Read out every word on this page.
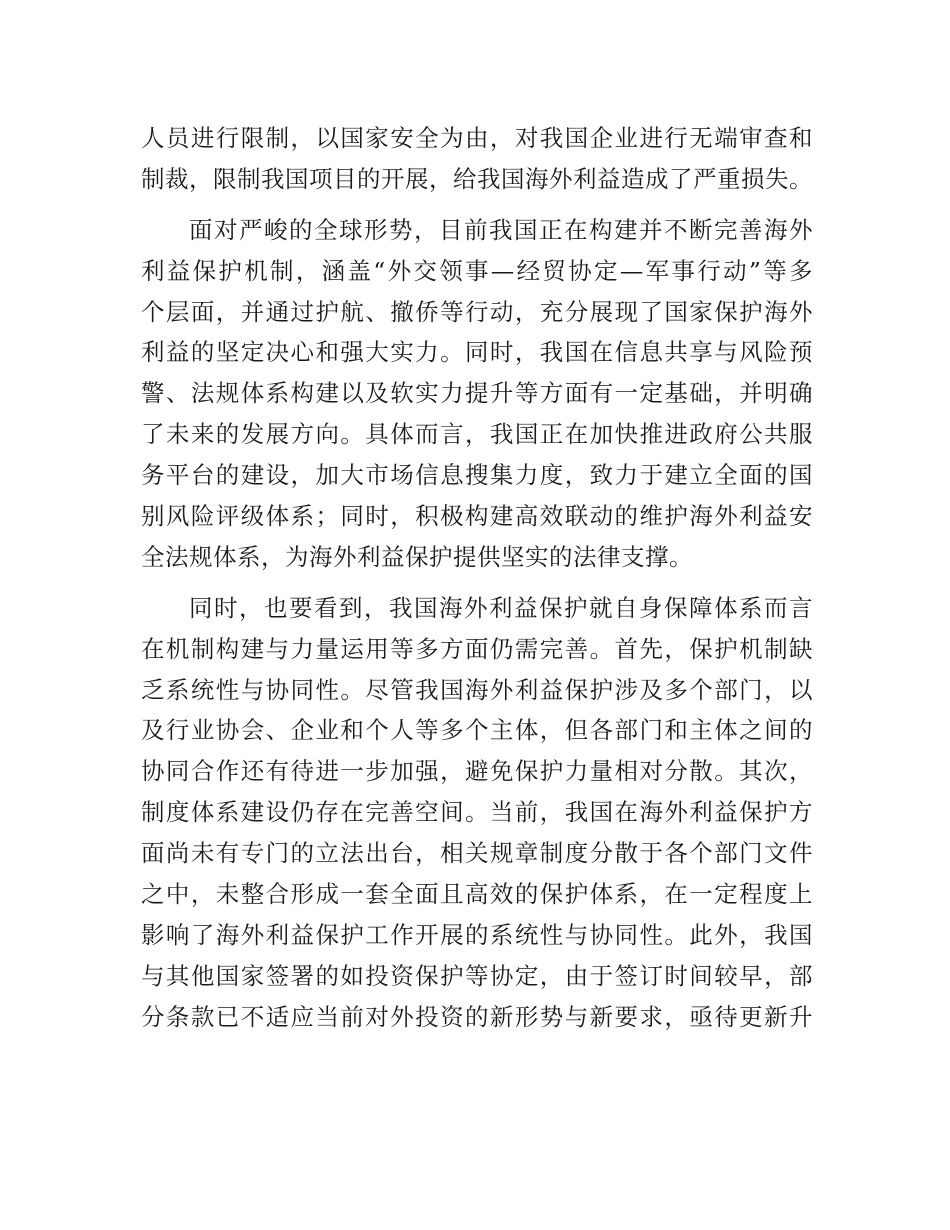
人员进行限制，以国家安全为由，对我国企业进行无端审查和
制裁，限制我国项目的开展，给我国海外利益造成了严重损失。
面对严峻的全球形势，目前我国正在构建并不断完善海外
利益保护机制，涵盖“外交领事—经贸协定—军事行动”等多
个层面，并通过护航、撤侨等行动，充分展现了国家保护海外
利益的坚定决心和强大实力。同时，我国在信息共享与风险预
警、法规体系构建以及软实力提升等方面有一定基础，并明确
了未来的发展方向。具体而言，我国正在加快推进政府公共服
务平台的建设，加大市场信息搜集力度，致力于建立全面的国
别风险评级体系；同时，积极构建高效联动的维护海外利益安
全法规体系，为海外利益保护提供坚实的法律支撑。
同时，也要看到，我国海外利益保护就自身保障体系而言
在机制构建与力量运用等多方面仍需完善。首先，保护机制缺
乏系统性与协同性。尽管我国海外利益保护涉及多个部门，以
及行业协会、企业和个人等多个主体，但各部门和主体之间的
协同合作还有待进一步加强，避免保护力量相对分散。其次，
制度体系建设仍存在完善空间。当前，我国在海外利益保护方
面尚未有专门的立法出台，相关规章制度分散于各个部门文件
之中，未整合形成一套全面且高效的保护体系，在一定程度上
影响了海外利益保护工作开展的系统性与协同性。此外，我国
与其他国家签署的如投资保护等协定，由于签订时间较早，部
分条款已不适应当前对外投资的新形势与新要求，亟待更新升
